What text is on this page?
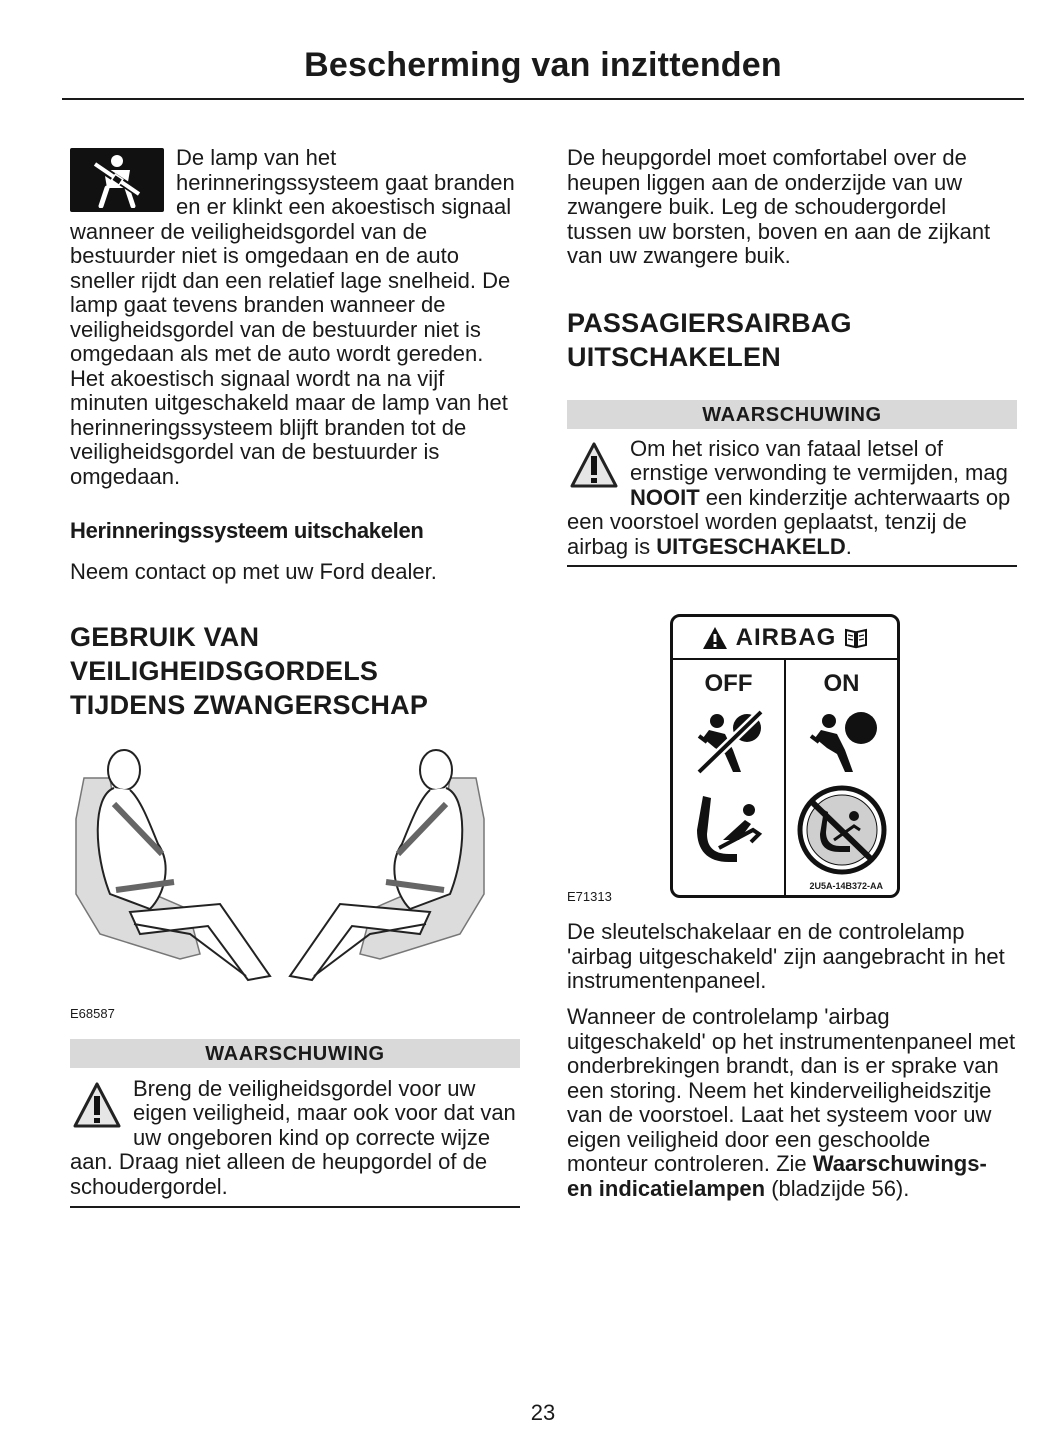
Bescherming van inzittenden

De lamp van het herinneringssysteem gaat branden en er klinkt een akoestisch signaal wanneer de veiligheidsgordel van de bestuurder niet is omgedaan en de auto sneller rijdt dan een relatief lage snelheid. De lamp gaat tevens branden wanneer de veiligheidsgordel van de bestuurder niet is omgedaan als met de auto wordt gereden. Het akoestisch signaal wordt na na vijf minuten uitgeschakeld maar de lamp van het herinneringssysteem blijft branden tot de veiligheidsgordel van de bestuurder is omgedaan.

Herinneringssysteem uitschakelen

Neem contact op met uw Ford dealer.

GEBRUIK VAN
VEILIGHEIDSGORDELS
TIJDENS ZWANGERSCHAP
E68587
WAARSCHUWING

Breng de veiligheidsgordel voor uw eigen veiligheid, maar ook voor dat van uw ongeboren kind op correcte wijze aan. Draag niet alleen de heupgordel of de schoudergordel.

De heupgordel moet comfortabel over de heupen liggen aan de onderzijde van uw zwangere buik. Leg de schoudergordel tussen uw borsten, boven en aan de zijkant van uw zwangere buik.

PASSAGIERSAIRBAG
UITSCHAKELEN
WAARSCHUWING

Om het risico van fataal letsel of ernstige verwonding te vermijden, mag NOOIT een kinderzitje achterwaarts op een voorstoel worden geplaatst, tenzij de airbag is UITGESCHAKELD.

AIRBAG
OFF	ON
2U5A-14B372-AA
E71313

De sleutelschakelaar en de controlelamp 'airbag uitgeschakeld' zijn aangebracht in het instrumentenpaneel.

Wanneer de controlelamp 'airbag uitgeschakeld' op het instrumentenpaneel met onderbrekingen brandt, dan is er sprake van een storing. Neem het kinderveiligheidszitje van de voorstoel. Laat het systeem voor uw eigen veiligheid door een geschoolde monteur controleren. Zie Waarschuwings- en indicatielampen (bladzijde 56).

23
